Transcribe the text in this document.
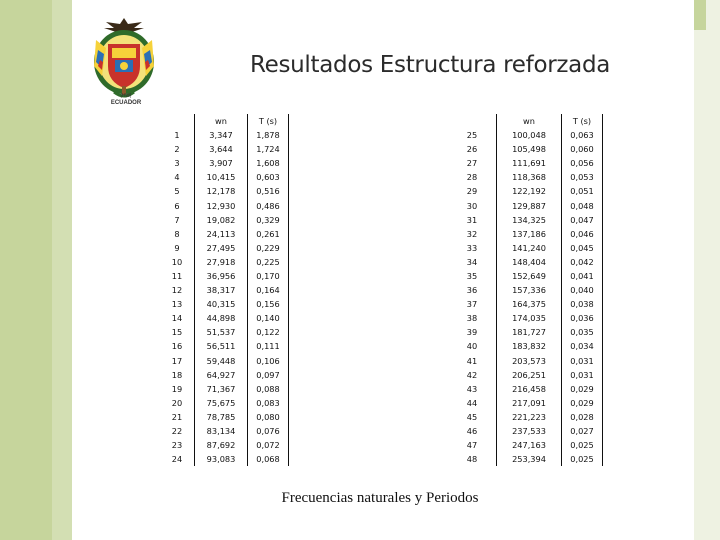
|HW|
ECUADOR
Resultados Estructura reforzada
	wn	T (s)
1	3,347	1,878
2	3,644	1,724
3	3,907	1,608
4	10,415	0,603
5	12,178	0,516
6	12,930	0,486
7	19,082	0,329
8	24,113	0,261
9	27,495	0,229
10	27,918	0,225
11	36,956	0,170
12	38,317	0,164
13	40,315	0,156
14	44,898	0,140
15	51,537	0,122
16	56,511	0,111
17	59,448	0,106
18	64,927	0,097
19	71,367	0,088
20	75,675	0,083
21	78,785	0,080
22	83,134	0,076
23	87,692	0,072
24	93,083	0,068
	wn	T (s)
25	100,048	0,063
26	105,498	0,060
27	111,691	0,056
28	118,368	0,053
29	122,192	0,051
30	129,887	0,048
31	134,325	0,047
32	137,186	0,046
33	141,240	0,045
34	148,404	0,042
35	152,649	0,041
36	157,336	0,040
37	164,375	0,038
38	174,035	0,036
39	181,727	0,035
40	183,832	0,034
41	203,573	0,031
42	206,251	0,031
43	216,458	0,029
44	217,091	0,029
45	221,223	0,028
46	237,533	0,027
47	247,163	0,025
48	253,394	0,025
Frecuencias naturales y Periodos
